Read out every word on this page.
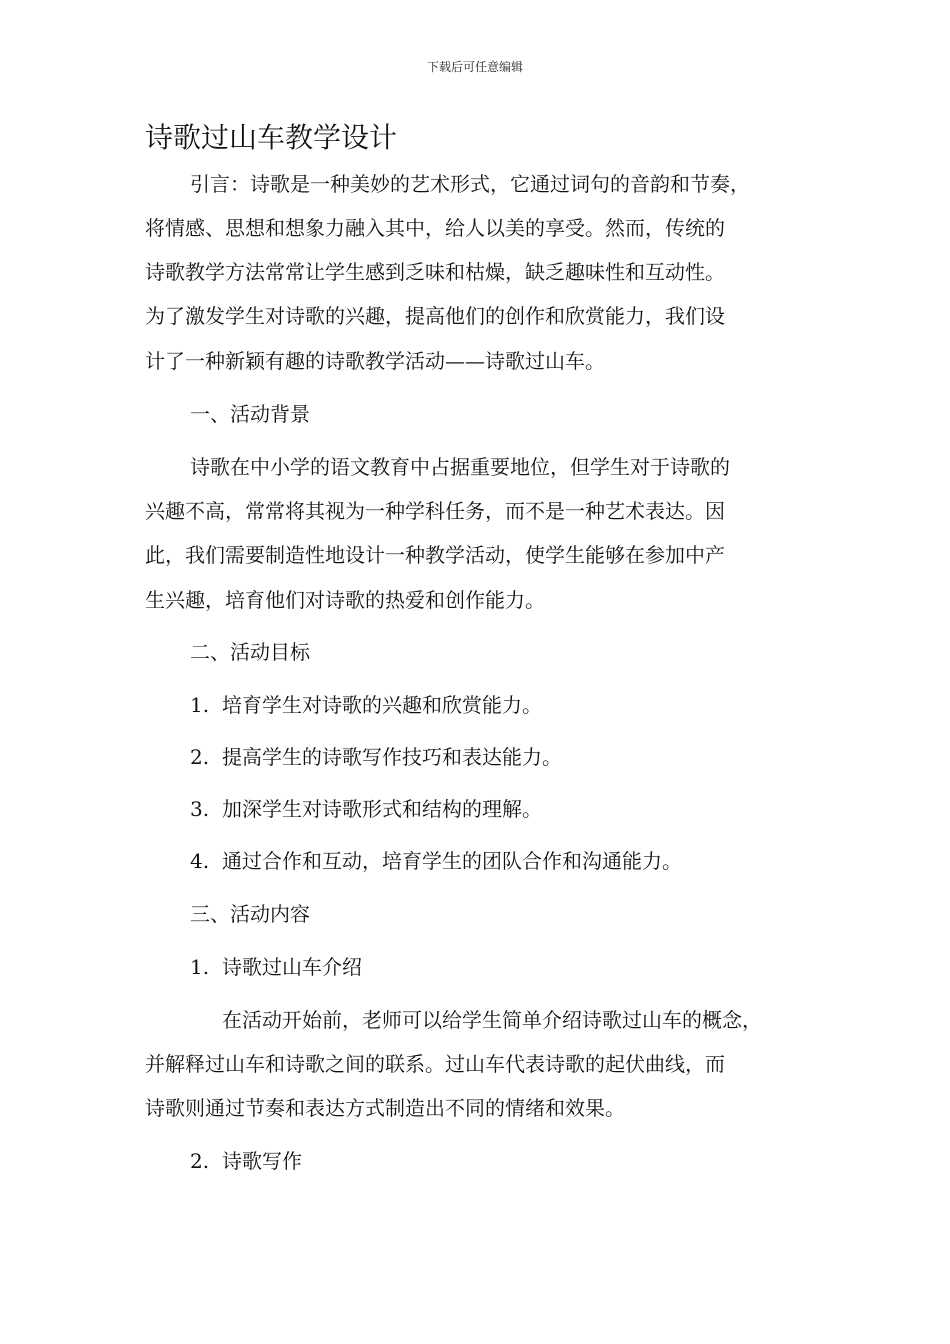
下载后可任意编辑
诗歌过山车教学设计
引言：诗歌是一种美妙的艺术形式，它通过词句的音韵和节奏，
将情感、思想和想象力融入其中，给人以美的享受。然而，传统的
诗歌教学方法常常让学生感到乏味和枯燥，缺乏趣味性和互动性。
为了激发学生对诗歌的兴趣，提高他们的创作和欣赏能力，我们设
计了一种新颖有趣的诗歌教学活动——诗歌过山车。
一、活动背景
诗歌在中小学的语文教育中占据重要地位，但学生对于诗歌的
兴趣不高，常常将其视为一种学科任务，而不是一种艺术表达。因
此，我们需要制造性地设计一种教学活动，使学生能够在参加中产
生兴趣，培育他们对诗歌的热爱和创作能力。
二、活动目标
1. 培育学生对诗歌的兴趣和欣赏能力。
2. 提高学生的诗歌写作技巧和表达能力。
3. 加深学生对诗歌形式和结构的理解。
4. 通过合作和互动，培育学生的团队合作和沟通能力。
三、活动内容
1. 诗歌过山车介绍
在活动开始前，老师可以给学生简单介绍诗歌过山车的概念，
并解释过山车和诗歌之间的联系。过山车代表诗歌的起伏曲线，而
诗歌则通过节奏和表达方式制造出不同的情绪和效果。
2. 诗歌写作
